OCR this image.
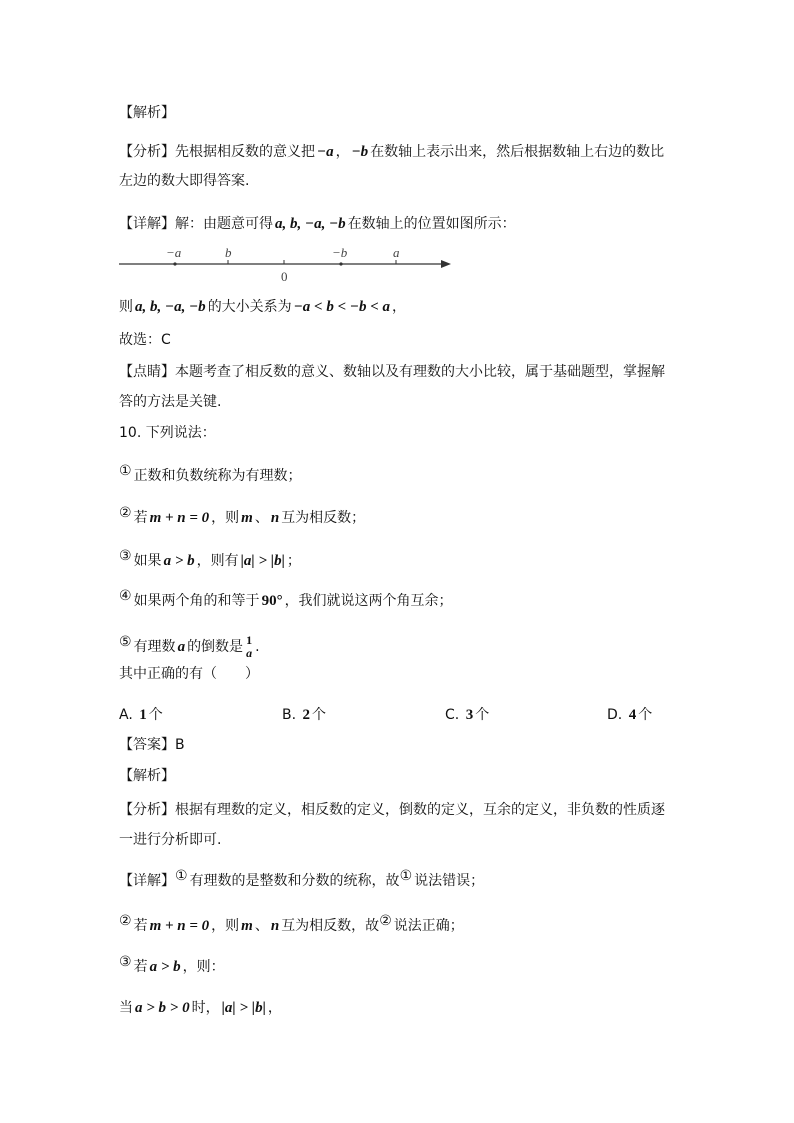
【解析】
【分析】先根据相反数的意义把 −a ， −b 在数轴上表示出来，然后根据数轴上右边的数比
左边的数大即得答案.
【详解】解：由题意可得 a, b, −a, −b 在数轴上的位置如图所示：
−a	b	−b	a
0
则 a, b, −a, −b 的大小关系为 −a < b < −b < a ，
故选：C
【点睛】本题考查了相反数的意义、数轴以及有理数的大小比较，属于基础题型，掌握解
答的方法是关键.
10. 下列说法：
① 正数和负数统称为有理数；
② 若 m + n = 0 ，则 m 、 n 互为相反数；
③ 如果 a > b ，则有 |a| > |b| ；
④ 如果两个角的和等于 90° ，我们就说这两个角互余；
⑤ 有理数 a 的倒数是 1
a .
其中正确的有（　　）
A. 1 个	B. 2 个	C. 3 个	D. 4 个
【答案】B
【解析】
【分析】根据有理数的定义，相反数的定义，倒数的定义，互余的定义，非负数的性质逐
一进行分析即可.
【详解】① 有理数的是整数和分数的统称，故① 说法错误；
② 若 m + n = 0 ，则 m 、 n 互为相反数，故② 说法正确；
③ 若 a > b ，则：
当 a > b > 0 时， |a| > |b| ，
